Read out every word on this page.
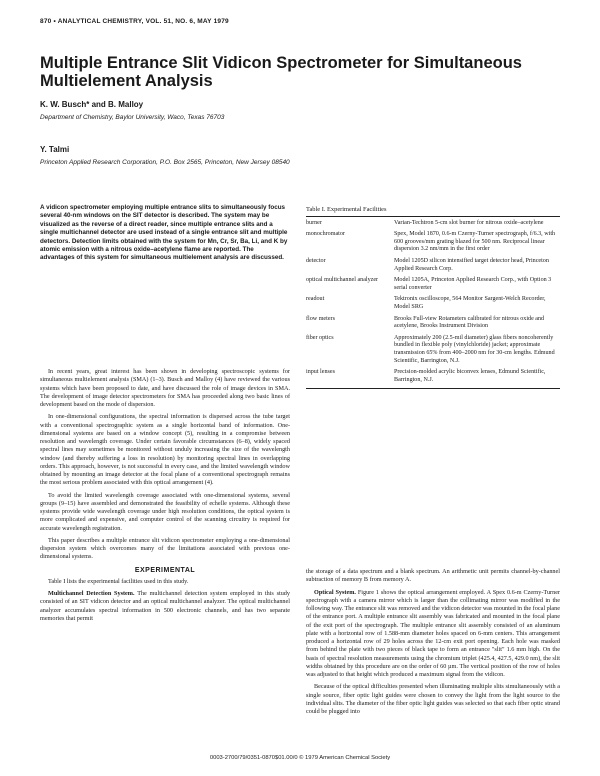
870 • ANALYTICAL CHEMISTRY, VOL. 51, NO. 6, MAY 1979
Multiple Entrance Slit Vidicon Spectrometer for Simultaneous Multielement Analysis
K. W. Busch* and B. Malloy
Department of Chemistry, Baylor University, Waco, Texas 76703
Y. Talmi
Princeton Applied Research Corporation, P.O. Box 2565, Princeton, New Jersey 08540
A vidicon spectrometer employing multiple entrance slits to simultaneously focus several 40-nm windows on the SIT detector is described. The system may be visualized as the reverse of a direct reader, since multiple entrance slits and a single multichannel detector are used instead of a single entrance slit and multiple detectors. Detection limits obtained with the system for Mn, Cr, Sr, Ba, Li, and K by atomic emission with a nitrous oxide–acetylene flame are reported. The advantages of this system for simultaneous multielement analysis are discussed.

In recent years, great interest has been shown in developing spectroscopic systems for simultaneous multielement analysis (SMA) (1–3). Busch and Malloy (4) have reviewed the various systems which have been proposed to date, and have discussed the role of image devices in SMA. The development of image detector spectrometers for SMA has proceeded along two basic lines of development based on the mode of dispersion.

In one-dimensional configurations, the spectral information is dispersed across the tube target with a conventional spectrographic system as a single horizontal band of information. One-dimensional systems are based on a window concept (5), resulting in a compromise between resolution and wavelength coverage. Under certain favorable circumstances (6–8), widely spaced spectral lines may sometimes be monitored without unduly increasing the size of the wavelength window (and thereby suffering a loss in resolution) by monitoring spectral lines in overlapping orders. This approach, however, is not successful in every case, and the limited wavelength window obtained by mounting an image detector at the focal plane of a conventional spectrograph remains the most serious problem associated with this optical arrangement (4).

To avoid the limited wavelength coverage associated with one-dimensional systems, several groups (9–15) have assembled and demonstrated the feasibility of echelle systems. Although these systems provide wide wavelength coverage under high resolution conditions, the optical system is more complicated and expensive, and computer control of the scanning circuitry is required for accurate wavelength registration.

This paper describes a multiple entrance slit vidicon spectrometer employing a one-dimensional dispersion system which overcomes many of the limitations associated with previous one-dimensional systems.

EXPERIMENTAL

Table I lists the experimental facilities used in this study.

Multichannel Detection System. The multichannel detection system employed in this study consisted of an SIT vidicon detector and an optical multichannel analyzer. The optical multichannel analyzer accumulates spectral information in 500 electronic channels, and has two separate memories that permit

Table I. Experimental Facilities
burner	Varian-Techtron 5-cm slot burner for nitrous oxide–acetylene
monochromator	Spex, Model 1870, 0.6-m Czerny-Turner spectrograph, f/6.3, with 600 grooves/mm grating blazed for 500 nm. Reciprocal linear dispersion 3.2 nm/mm in the first order
detector	Model 1205D silicon intensified target detector head, Princeton Applied Research Corp.
optical multichannel analyzer	Model 1205A, Princeton Applied Research Corp., with Option 3 serial converter
readout	Tektronix oscilloscope, 564 Monitor Sargent-Welch Recorder, Model SRG
flow meters	Brooks Full-view Rotameters calibrated for nitrous oxide and acetylene, Brooks Instrument Division
fiber optics	Approximately 200 (2.5-mil diameter) glass fibers noncoherently bundled in flexible poly (vinylchloride) jacket; approximate transmission 65% from 400–2000 nm for 30-cm lengths. Edmund Scientific, Barrington, N.J.
input lenses	Precision-molded acrylic biconvex lenses, Edmund Scientific, Barrington, N.J.

the storage of a data spectrum and a blank spectrum. An arithmetic unit permits channel-by-channel subtraction of memory B from memory A.

Optical System. Figure 1 shows the optical arrangement employed. A Spex 0.6-m Czerny-Turner spectrograph with a camera mirror which is larger than the collimating mirror was modified in the following way. The entrance slit was removed and the vidicon detector was mounted in the focal plane of the entrance port. A multiple entrance slit assembly was fabricated and mounted in the focal plane of the exit port of the spectrograph. The multiple entrance slit assembly consisted of an aluminum plate with a horizontal row of 1.588-mm diameter holes spaced on 6-mm centers. This arrangement produced a horizontal row of 29 holes across the 12-cm exit port opening. Each hole was masked from behind the plate with two pieces of black tape to form an entrance "slit" 1.6 mm high. On the basis of spectral resolution measurements using the chromium triplet (425.4, 427.5, 429.0 nm), the slit widths obtained by this procedure are on the order of 60 µm. The vertical position of the row of holes was adjusted to that height which produced a maximum signal from the vidicon.

Because of the optical difficulties presented when illuminating multiple slits simultaneously with a single source, fiber optic light guides were chosen to convey the light from the light source to the individual slits. The diameter of the fiber optic light guides was selected so that each fiber optic strand could be plugged into

0003-2700/79/0351-0870$01.00/0 © 1979 American Chemical Society
